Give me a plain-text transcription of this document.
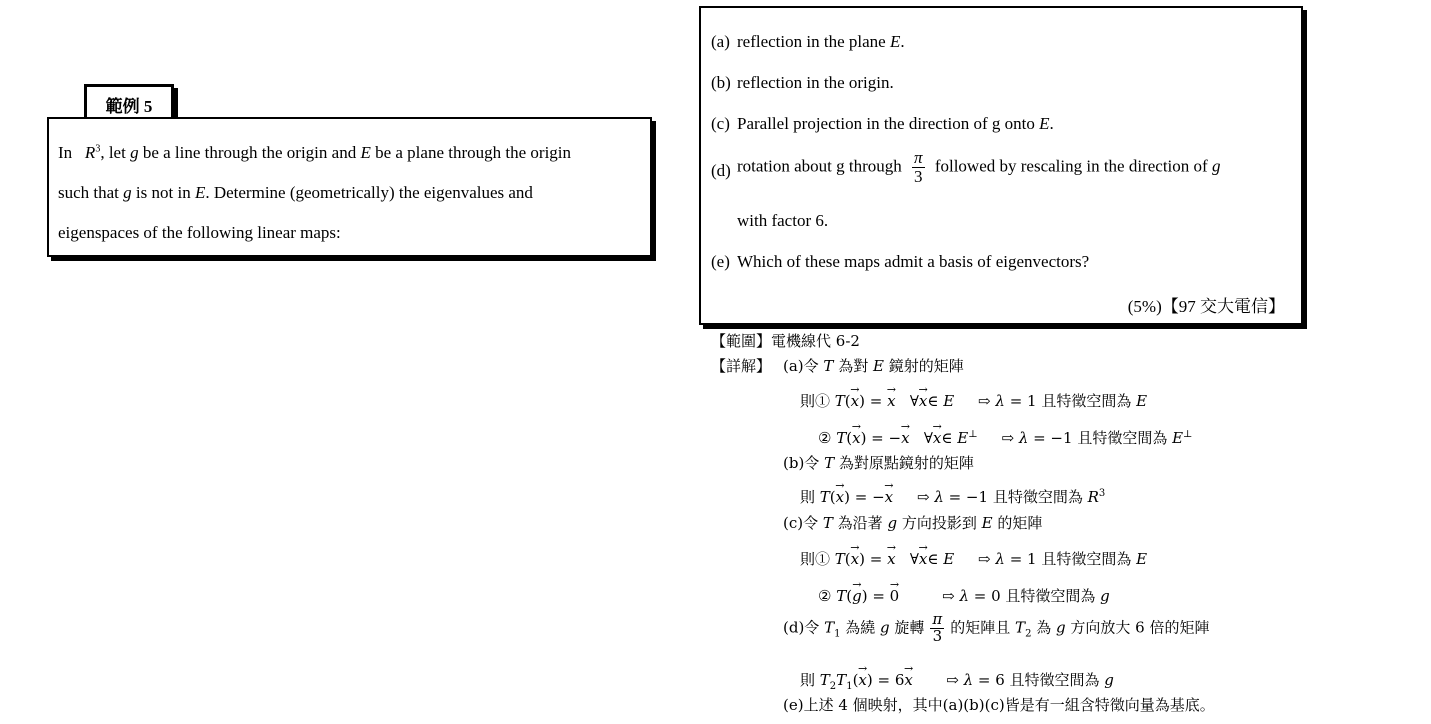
範例 5
In   $R^3$, let g be a line through the origin and E be a plane through the origin
such that g is not in E. Determine (geometrically) the eigenvalues and
eigenspaces of the following linear maps:
(a) reflection in the plane E.
(b) reflection in the origin.
(c) Parallel projection in the direction of g onto E.
(d) rotation about g through $\frac{\pi}{3}$ followed by rescaling in the direction of g
with factor 6.
(e) Which of these maps admit a basis of eigenvectors?
(5%)【97 交大電信】
【範圍】電機線代 6-2
【詳解】 (a)令 T 為對 E 鏡射的矩陣
則① T(→ x) = → x   ∀→ x∈ E     ⇨ λ = 1 且特徵空間為 E
② T(→ x) = −→ x   ∀→ x∈ E⊥     ⇨ λ = −1 且特徵空間為 E⊥
(b)令 T 為對原點鏡射的矩陣
則 T(→ x) = −→ x     ⇨ λ = −1 且特徵空間為 $R^3$
(c)令 T 為沿著 g 方向投影到 E 的矩陣
則① T(→ x) = → x   ∀→ x∈ E     ⇨ λ = 1 且特徵空間為 E
② T(→ g) = → 0         ⇨ λ = 0 且特徵空間為 g
(d)令 $T_1$ 為繞 g 旋轉 $\frac{\pi}{3}$ 的矩陣且 $T_2$ 為 g 方向放大 6 倍的矩陣
則 $T_2T_1(\to x) = 6\to x$       ⇨ λ = 6 且特徵空間為 g
(e)上述 4 個映射，其中(a)(b)(c)皆是有一組含特徵向量為基底。
